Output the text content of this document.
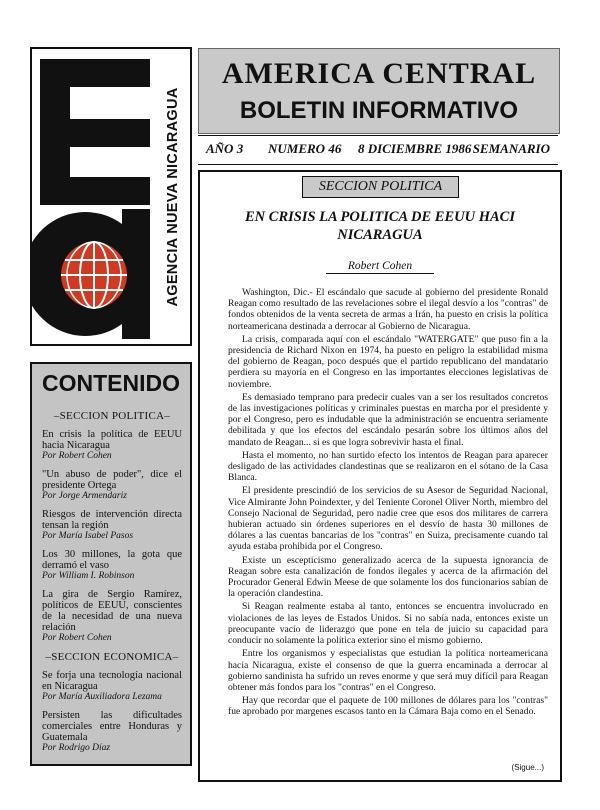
AGENCIA NUEVA NICARAGUA
AMERICA CENTRAL
BOLETIN INFORMATIVO
AÑO 3 NUMERO 46 8 DICIEMBRE 1986 SEMANARIO
CONTENIDO
–SECCION POLITICA–
En crisis la política de EEUU hacia Nicaragua
Por Robert Cohen
"Un abuso de poder", dice el presidente Ortega
Por Jorge Armendariz
Riesgos de intervención directa tensan la región
Por María Isabel Pasos
Los 30 millones, la gota que derramó el vaso
Por William I. Robinson
La gira de Sergio Ramírez, políticos de EEUU, conscientes de la necesidad de una nueva relación
Por Robert Cohen
–SECCION ECONOMICA–
Se forja una tecnología nacional en Nicaragua
Por María Auxiliadora Lezama
Persisten las dificultades comerciales entre Honduras y Guatemala
Por Rodrigo Díaz
SECCION POLITICA
EN CRISIS LA POLITICA DE EEUU HACI NICARAGUA
Robert Cohen

Washington, Dic.- El escándalo que sacude al gobierno del presidente Ronald Reagan como resultado de las revelaciones sobre el ilegal desvío a los "contras" de fondos obtenidos de la venta secreta de armas a Irán, ha puesto en crisis la política norteamericana destinada a derrocar al Gobierno de Nicaragua.

La crisis, comparada aquí con el escándalo "WATERGATE" que puso fin a la presidencia de Richard Nixon en 1974, ha puesto en peligro la estabilidad misma del gobierno de Reagan, poco después que el partido republicano del mandatario perdiera su mayoría en el Congreso en las importantes elecciones legislativas de noviembre.

Es demasiado temprano para predecir cuales van a ser los resultados concretos de las investigaciones políticas y criminales puestas en marcha por el presidente y por el Congreso, pero es indudable que la administración se encuentra seriamente debilitada y que los efectos del escándalo pesarán sobre los últimos años del mandato de Reagan... si es que logra sobrevivir hasta el final.

Hasta el momento, no han surtido efecto los intentos de Reagan para aparecer desligado de las actividades clandestinas que se realizaron en el sótano de la Casa Blanca.

El presidente prescindió de los servicios de su Asesor de Seguridad Nacional, Vice Almirante John Poindexter, y del Teniente Coronel Oliver North, miembro del Consejo Nacional de Seguridad, pero nadie cree que esos dos militares de carrera hubieran actuado sin órdenes superiores en el desvío de hasta 30 millones de dólares a las cuentas bancarias de los "contras" en Suiza, precisamente cuando tal ayuda estaba prohibida por el Congreso.

Existe un escepticismo generalizado acerca de la supuesta ignorancia de Reagan sobre esta canalización de fondos ilegales y acerca de la afirmación del Procurador General Edwin Meese de que solamente los dos funcionarios sabían de la operación clandestina.

Si Reagan realmente estaba al tanto, entonces se encuentra involucrado en violaciones de las leyes de Estados Unidos. Si no sabía nada, entonces existe un preocupante vacío de liderazgo que pone en tela de juicio su capacidad para conducir no solamente la política exterior sino el mismo gobierno.

Entre los organismos y especialistas que estudian la política norteamericana hacia Nicaragua, existe el consenso de que la guerra encaminada a derrocar al gobierno sandinista ha sufrido un reves enorme y que será muy difícil para Reagan obtener más fondos para los "contras" en el Congreso.

Hay que recordar que el paquete de 100 millones de dólares para los "contras" fue aprobado por margenes escasos tanto en la Cámara Baja como en el Senado.

(Sigue...)
